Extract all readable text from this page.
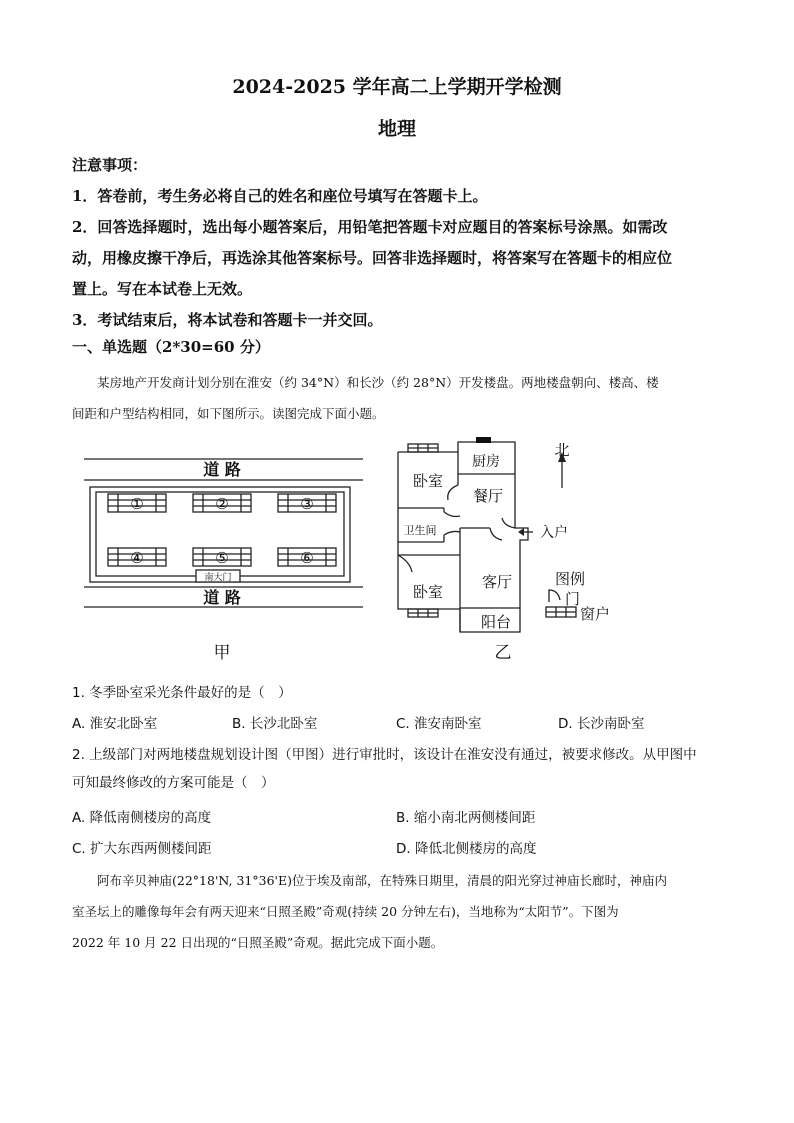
2024-2025 学年高二上学期开学检测
地理

注意事项：

1．答卷前，考生务必将自己的姓名和座位号填写在答题卡上。

2．回答选择题时，选出每小题答案后，用铅笔把答题卡对应题目的答案标号涂黑。如需改

动，用橡皮擦干净后，再选涂其他答案标号。回答非选择题时，将答案写在答题卡的相应位

置上。写在本试卷上无效。

3．考试结束后，将本试卷和答题卡一并交回。

一、单选题（2*30=60 分）

某房地产开发商计划分别在淮安（约 34°N）和长沙（约 28°N）开发楼盘。两地楼盘朝向、楼高、楼

间距和户型结构相同，如下图所示。读图完成下面小题。

道 路
道 路
南大门
①	②	③
④	⑤	⑥
甲
厨房
卧室
餐厅
卫生间
卧室
客厅
阳台
北
入户
图例
门
窗户
乙
1. 冬季卧室采光条件最好的是（　）
A. 淮安北卧室	B. 长沙北卧室	C. 淮安南卧室	D. 长沙南卧室

2. 上级部门对两地楼盘规划设计图（甲图）进行审批时，该设计在淮安没有通过，被要求修改。从甲图中

可知最终修改的方案可能是（　）

A. 降低南侧楼房的高度	B. 缩小南北两侧楼间距
C. 扩大东西两侧楼间距	D. 降低北侧楼房的高度

阿布辛贝神庙(22°18'N, 31°36'E)位于埃及南部，在特殊日期里，清晨的阳光穿过神庙长廊时，神庙内

室圣坛上的雕像每年会有两天迎来“日照圣殿”奇观(持续 20 分钟左右)，当地称为“太阳节”。下图为

2022 年 10 月 22 日出现的“日照圣殿”奇观。据此完成下面小题。
